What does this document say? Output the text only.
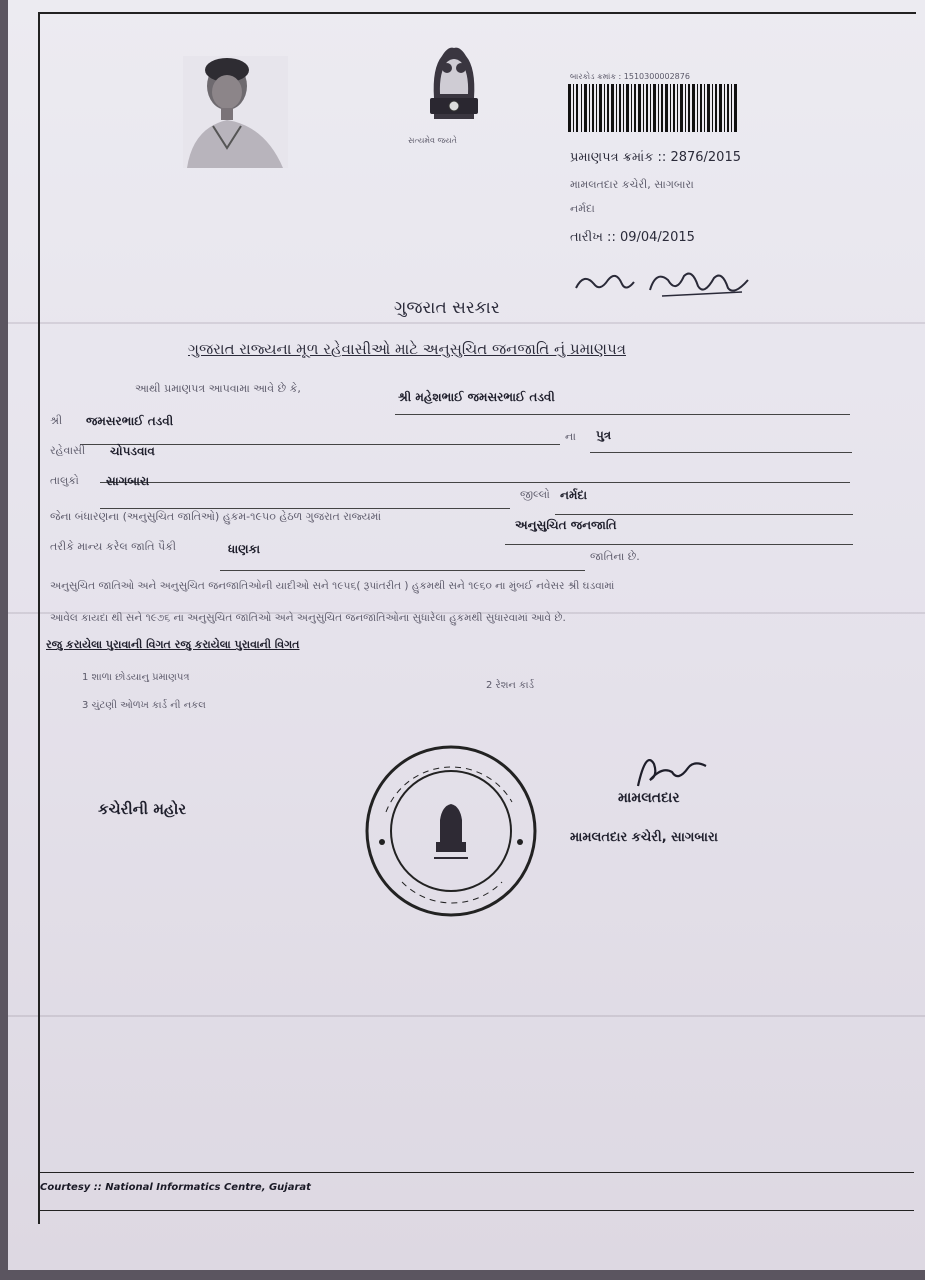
સત્યમેવ જયતે
બારકોડ ક્રમાંક : 1510300002876
પ્રમાણપત્ર ક્રમાંક :: 2876/2015
મામલતદાર કચેરી, સાગબારા
નર્મદા
તારીખ :: 09/04/2015
ગુજરાત સરકાર
ગુજરાત રાજ્યના મૂળ રહેવાસીઓ માટે અનુસુચિત જનજાતિ નું પ્રમાણપત્ર
આથી પ્રમાણપત્ર આપવામા આવે છે કે,
શ્રી મહેશભાઈ જમસરભાઈ તડવી
શ્રી જમસરભાઈ તડવી
ના પુત્ર
રહેવાસી ચોપડવાવ
તાલુકો સાગબારા
જીલ્લો નર્મદા
જેના બંધારણના (અનુસુચિત જાતિઓ) હુકમ-૧૯૫૦ હેઠળ ગુજરાત રાજ્યમાં
અનુસુચિત જનજાતિ
તરીકે માન્ય કરેલ જાતિ પૈકી	ધાણકા
જાતિના છે.
અનુસુચિત જાતિઓ અને અનુસુચિત જનજાતિઓની યાદીઓ સને ૧૯૫૬( રૂપાંતરીત ) હુકમથી સને ૧૯૬૦ ના મુંબઈ નવેસર શ્રી ઘડવામાં
આવેલ કાયદા થી સને ૧૯૭૬ ના અનુસુચિત જાતિઓ અને અનુસુચિત જનજાતિઓના સુધારેલા હુકમથી સુધારવામાં આવે છે.
રજુ કરાયેલા પુરાવાની વિગત રજુ કરાયેલા પુરાવાની વિગત
1 શાળા છોડયાનુ પ્રમાણપત્ર
2 રેશન કાર્ડ
3 ચુંટણી ઓળખ કાર્ડ ની નકલ
કચેરીની મહોર
મામલતદાર
મામલતદાર કચેરી, સાગબારા
Courtesy :: National Informatics Centre, Gujarat
